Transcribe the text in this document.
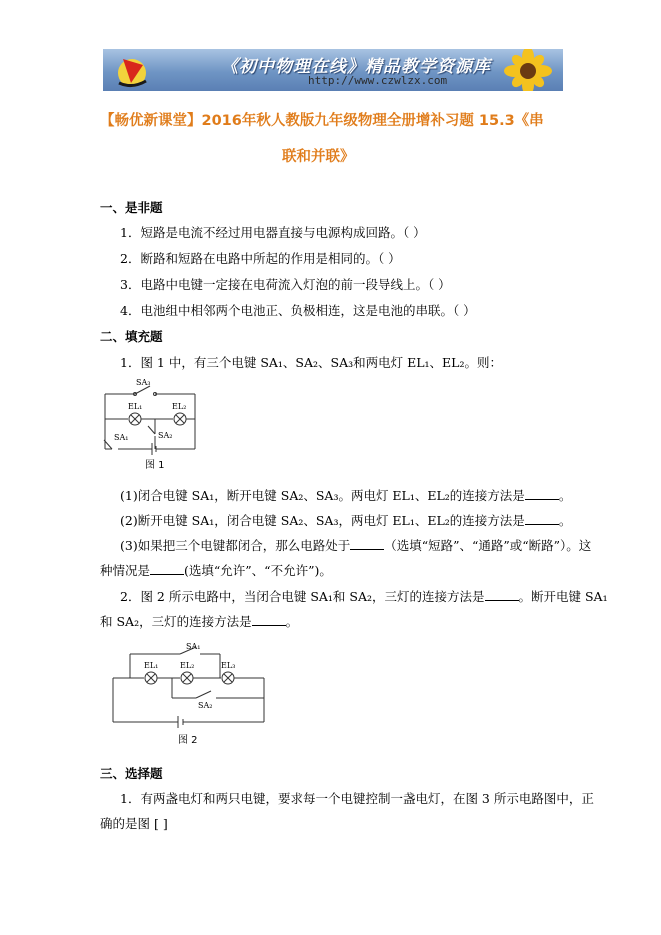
《初中物理在线》精品教学资源库
http://www.czwlzx.com
【畅优新课堂】2016年秋人教版九年级物理全册增补习题 15.3《串
联和并联》
一、是非题
1．短路是电流不经过用电器直接与电源构成回路。（ ）
2．断路和短路在电路中所起的作用是相同的。（ ）
3．电路中电键一定接在电荷流入灯泡的前一段导线上。（ ）
4．电池组中相邻两个电池正、负极相连，这是电池的串联。（ ）
二、填充题
1．图 1 中，有三个电键 SA₁、SA₂、SA₃和两电灯 EL₁、EL₂。则：
SA₃
EL₁	EL₂
SA₁	SA₂
图 1
(1)闭合电键 SA₁，断开电键 SA₂、SA₃。两电灯 EL₁、EL₂的连接方法是	。
(2)断开电键 SA₁，闭合电键 SA₂、SA₃，两电灯 EL₁、EL₂的连接方法是	。
(3)如果把三个电键都闭合，那么电路处于	（选填“短路”、“通路”或“断路”）。这
种情况是	(选填“允许”、“不允许”)。
2．图 2 所示电路中，当闭合电键 SA₁和 SA₂，三灯的连接方法是	。断开电键 SA₁
和 SA₂，三灯的连接方法是	。
SA₁
EL₁	EL₂	EL₃
SA₂
图 2
三、选择题
1．有两盏电灯和两只电键，要求每一个电键控制一盏电灯，在图 3 所示电路图中，正
确的是图 [ ]
